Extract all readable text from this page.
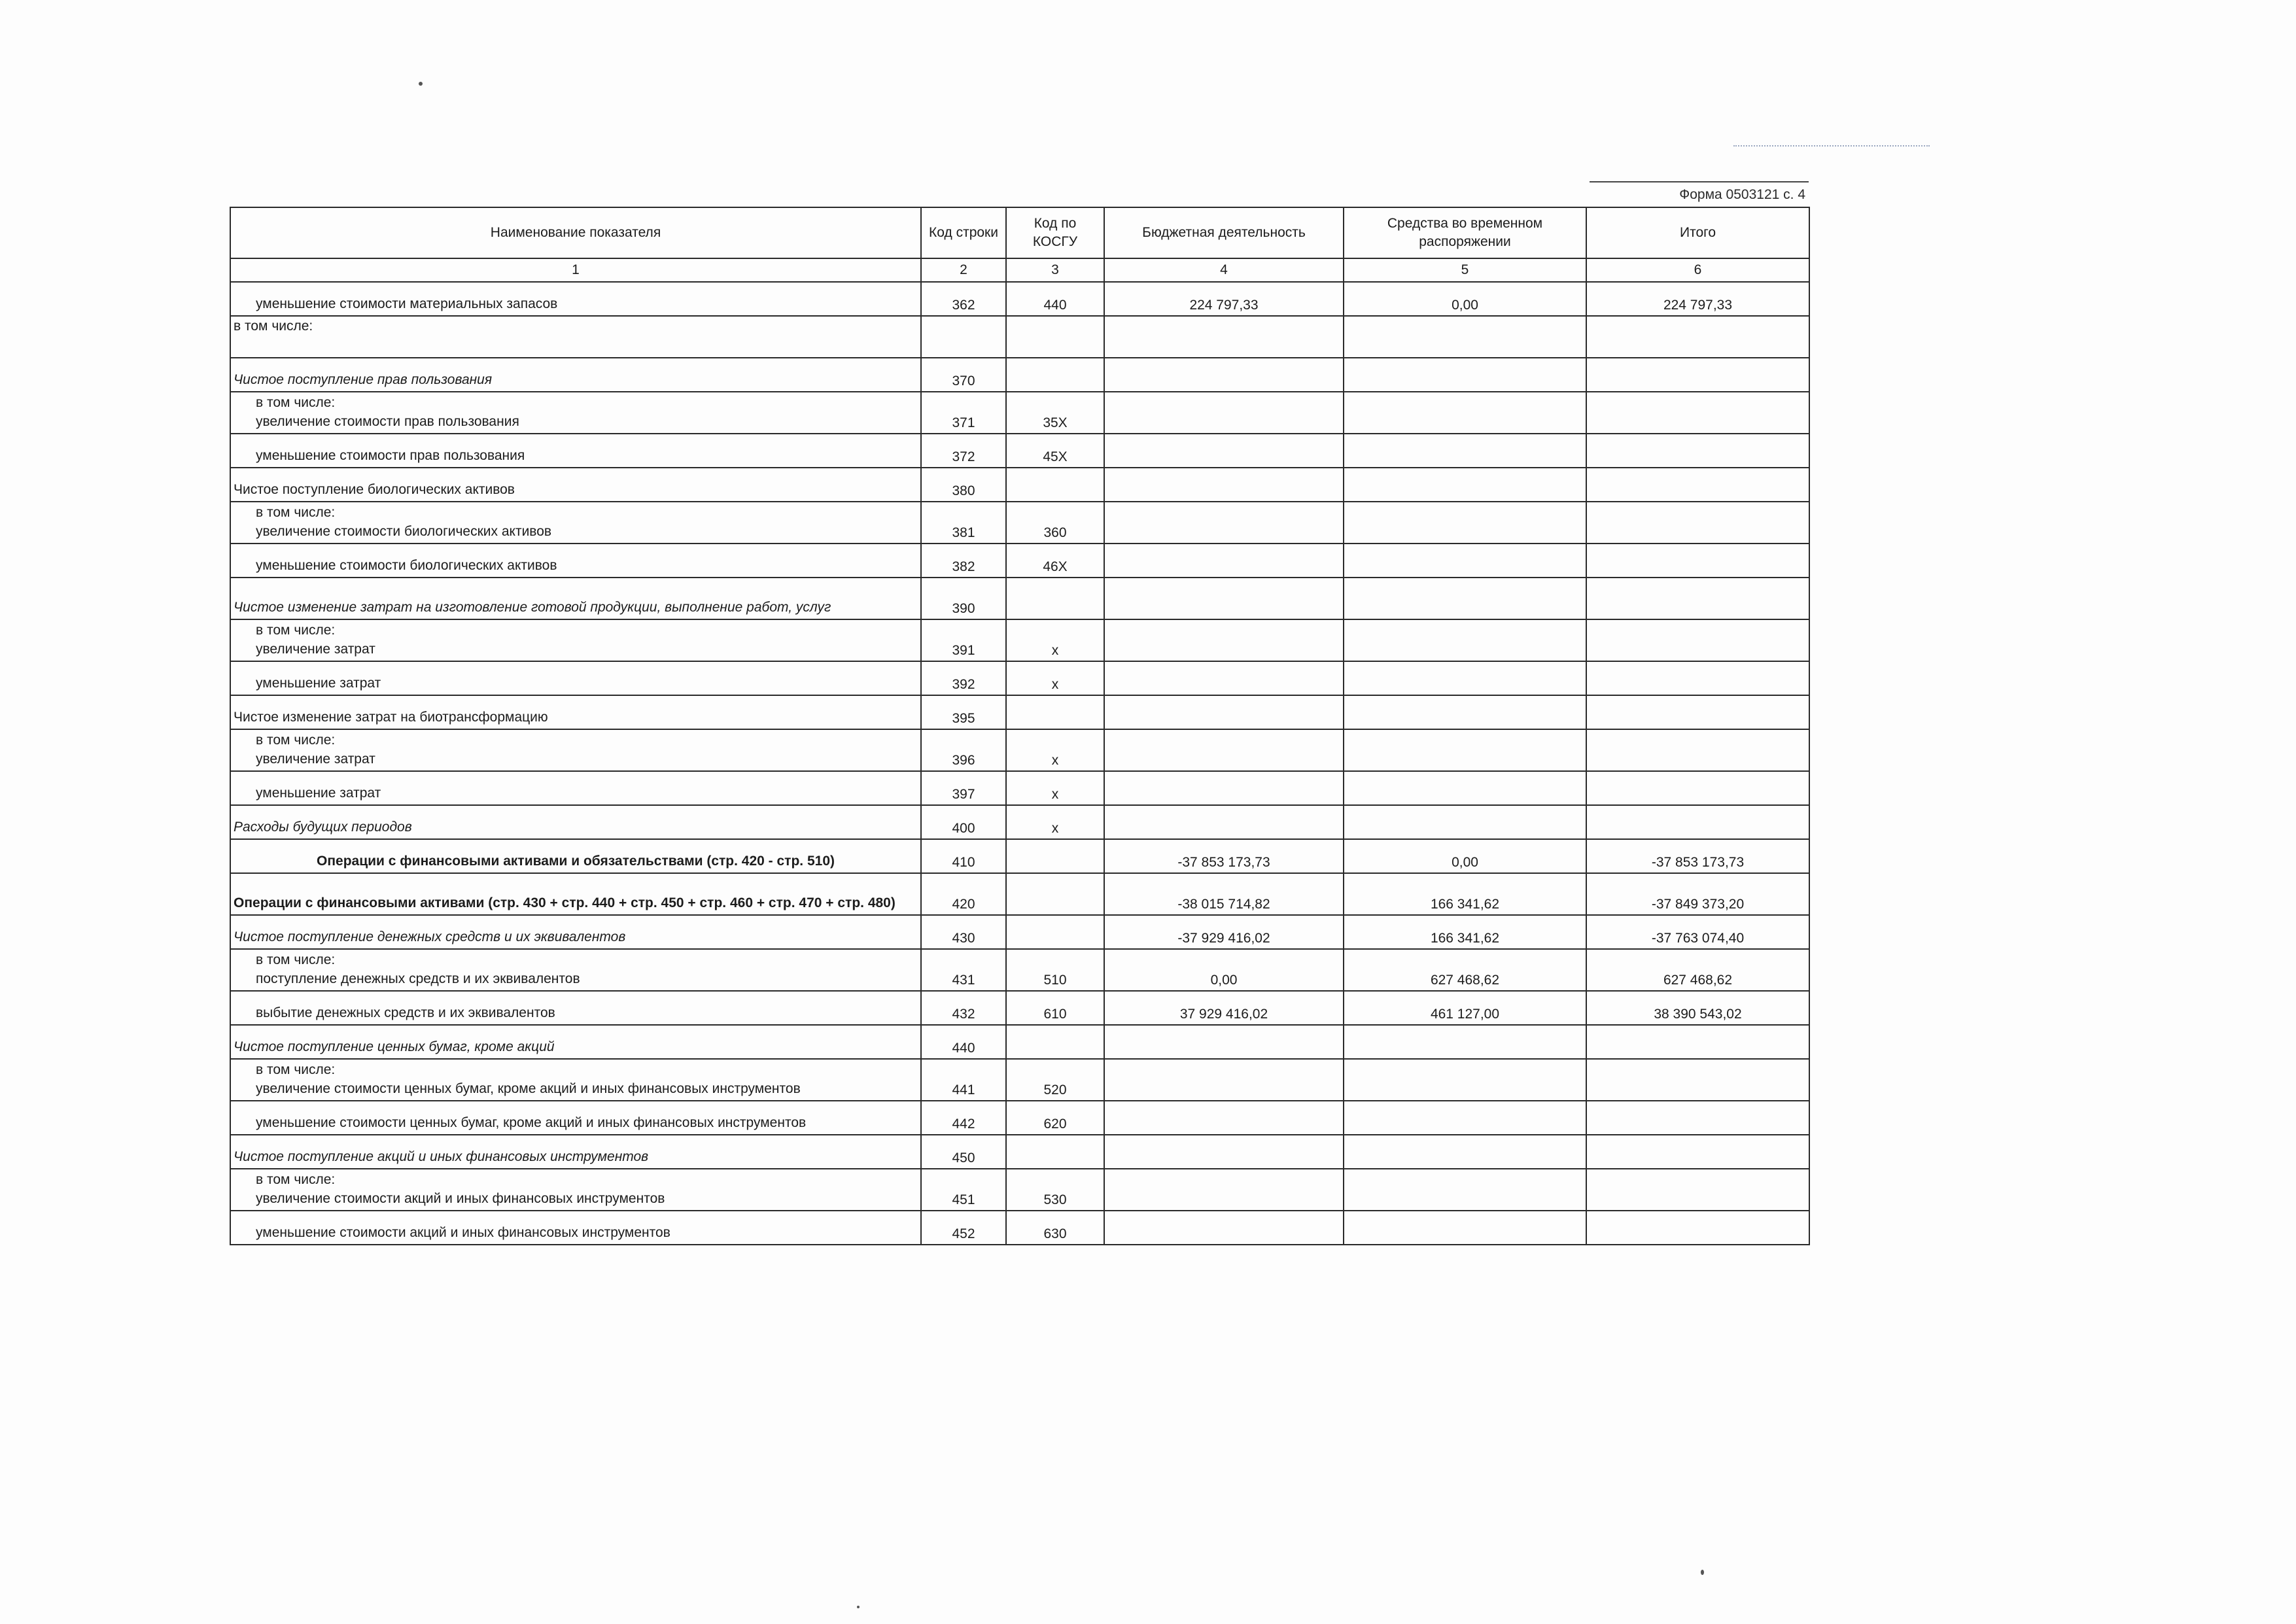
Форма 0503121 с. 4
Наименование показателя	Код строки	Код по КОСГУ	Бюджетная деятельность	Средства во временном распоряжении	Итого
1	2	3	4	5	6
уменьшение стоимости материальных запасов	362	440	224 797,33	0,00	224 797,33
в том числе:					
Чистое поступление прав пользования	370				

в том числе:
увеличение стоимости прав пользования	371	35X			
уменьшение стоимости прав пользования	372	45X			
Чистое поступление биологических активов	380				

в том числе:
увеличение стоимости биологических активов	381	360			
уменьшение стоимости биологических активов	382	46X			
Чистое изменение затрат на изготовление готовой продукции, выполнение работ, услуг	390				

в том числе:
увеличение затрат	391	x			
уменьшение затрат	392	x			
Чистое изменение затрат на биотрансформацию	395				

в том числе:
увеличение затрат	396	x			
уменьшение затрат	397	x			
Расходы будущих периодов	400	x			
Операции с финансовыми активами и обязательствами (стр. 420 - стр. 510)	410		-37 853 173,73	0,00	-37 853 173,73
Операции с финансовыми активами (стр. 430 + стр. 440 + стр. 450 + стр. 460 + стр. 470 + стр. 480)	420		-38 015 714,82	166 341,62	-37 849 373,20
Чистое поступление денежных средств и их эквивалентов	430		-37 929 416,02	166 341,62	-37 763 074,40

в том числе:
поступление денежных средств и их эквивалентов	431	510	0,00	627 468,62	627 468,62
выбытие денежных средств и их эквивалентов	432	610	37 929 416,02	461 127,00	38 390 543,02
Чистое поступление ценных бумаг, кроме акций	440				

в том числе:
увеличение стоимости ценных бумаг, кроме акций и иных финансовых инструментов	441	520			
уменьшение стоимости ценных бумаг, кроме акций и иных финансовых инструментов	442	620			
Чистое поступление акций и иных финансовых инструментов	450				

в том числе:
увеличение стоимости акций и иных финансовых инструментов	451	530			
уменьшение стоимости акций и иных финансовых инструментов	452	630			
